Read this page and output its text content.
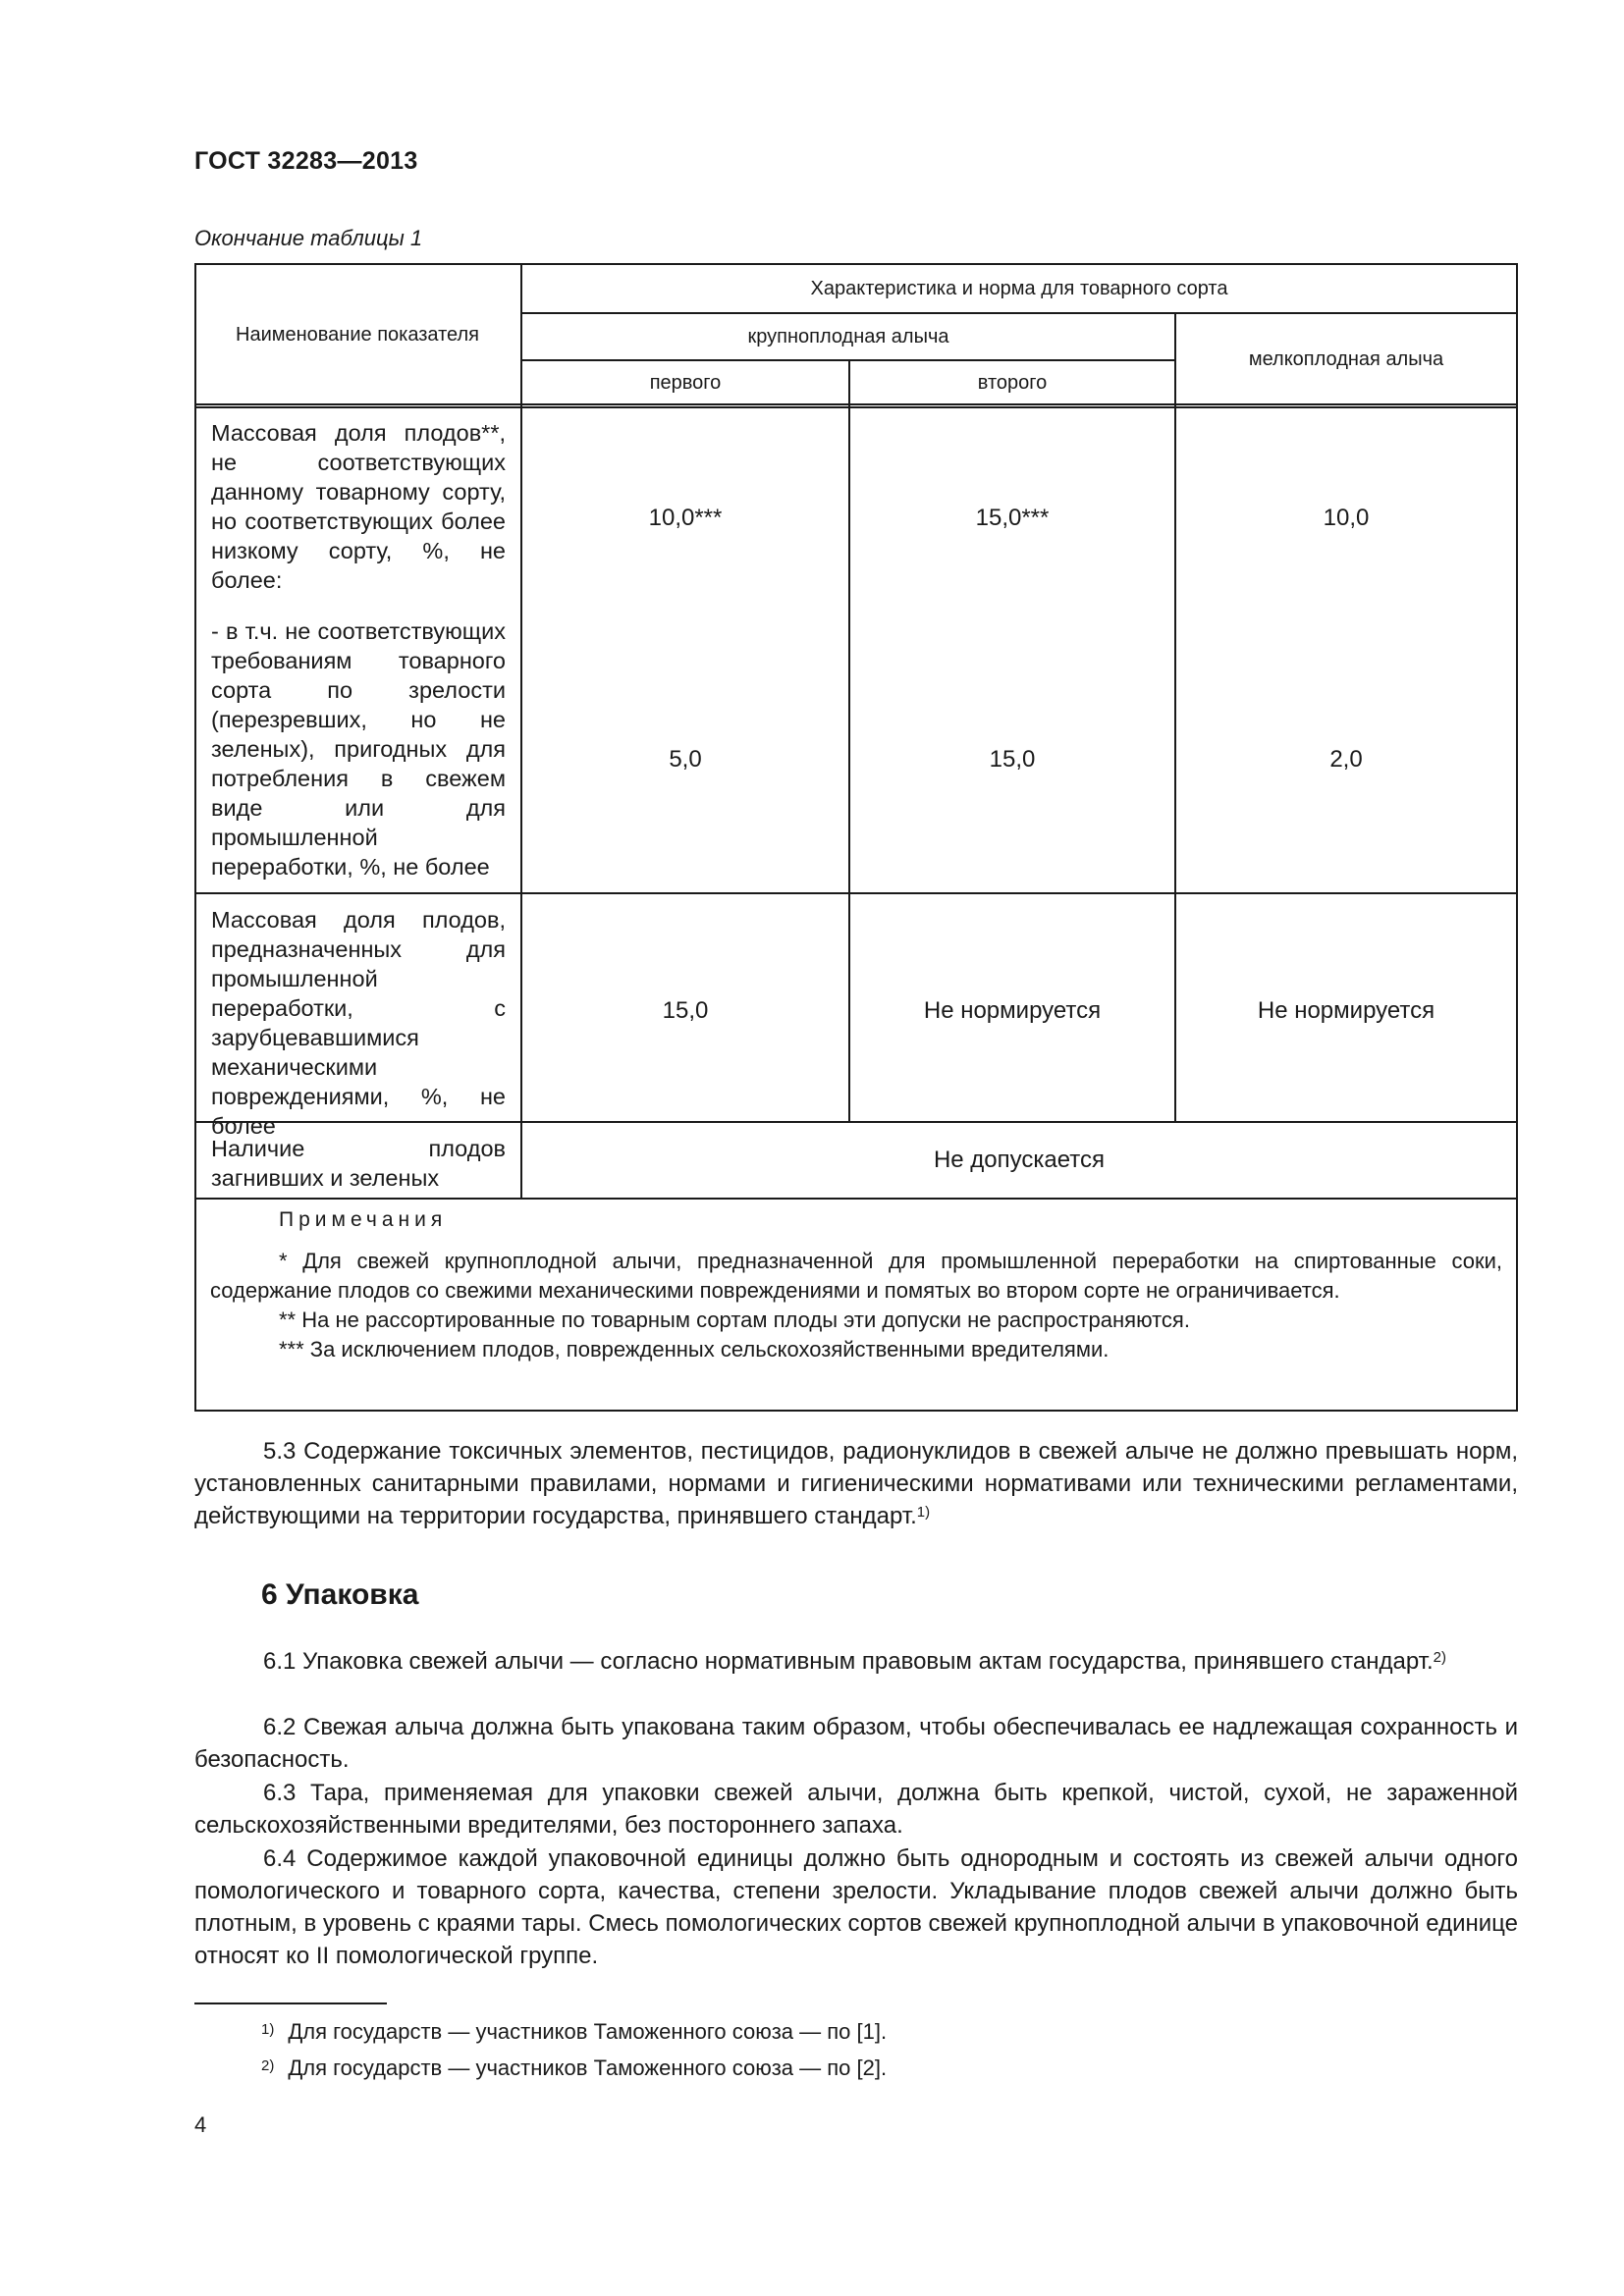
ГОСТ 32283—2013
Окончание таблицы 1
Наименование показателя
Характеристика и норма для товарного сорта
крупноплодная алыча
первого	второго
мелкоплодная алыча
Массовая доля плодов**, не соответствующих данному товарному сорту, но соответствующих более низкому сорту, %, не более:
10,0***	15,0***	10,0
- в т.ч. не соответствующих требованиям товарного сорта по зрелости (перезревших, но не зеленых), пригодных для потребления в свежем виде или для промышленной переработки, %, не более
5,0	15,0	2,0
Массовая доля плодов, предназначенных для промышленной переработки, с зарубцевавшимися механическими повреждениями, %, не более
15,0	Не нормируется	Не нормируется
Наличие плодов загнивших и зеленых
Не допускается
Примечания

* Для свежей крупноплодной алычи, предназначенной для промышленной переработки на спиртованные соки, содержание плодов со свежими механическими повреждениями и помятых во втором сорте не ограничивается.

** На не рассортированные по товарным сортам плоды эти допуски не распространяются.

*** За исключением плодов, поврежденных сельскохозяйственными вредителями.

5.3 Содержание токсичных элементов, пестицидов, радионуклидов в свежей алыче не должно превышать норм, установленных санитарными правилами, нормами и гигиеническими нормативами или техническими регламентами, действующими на территории государства, принявшего стандарт.$^{1)}$

6 Упаковка

6.1 Упаковка свежей алычи — согласно нормативным правовым актам государства, принявшего стандарт.$^{2)}$

6.2 Свежая алыча должна быть упакована таким образом, чтобы обеспечивалась ее надлежащая сохранность и безопасность.

6.3 Тара, применяемая для упаковки свежей алычи, должна быть крепкой, чистой, сухой, не зараженной сельскохозяйственными вредителями, без постороннего запаха.

6.4 Содержимое каждой упаковочной единицы должно быть однородным и состоять из свежей алычи одного помологического и товарного сорта, качества, степени зрелости. Укладывание плодов свежей алычи должно быть плотным, в уровень с краями тары. Смесь помологических сортов свежей крупноплодной алычи в упаковочной единице относят ко II помологической группе.

$^{1)}$ Для государств — участников Таможенного союза — по [1].
$^{2)}$ Для государств — участников Таможенного союза — по [2].
4
